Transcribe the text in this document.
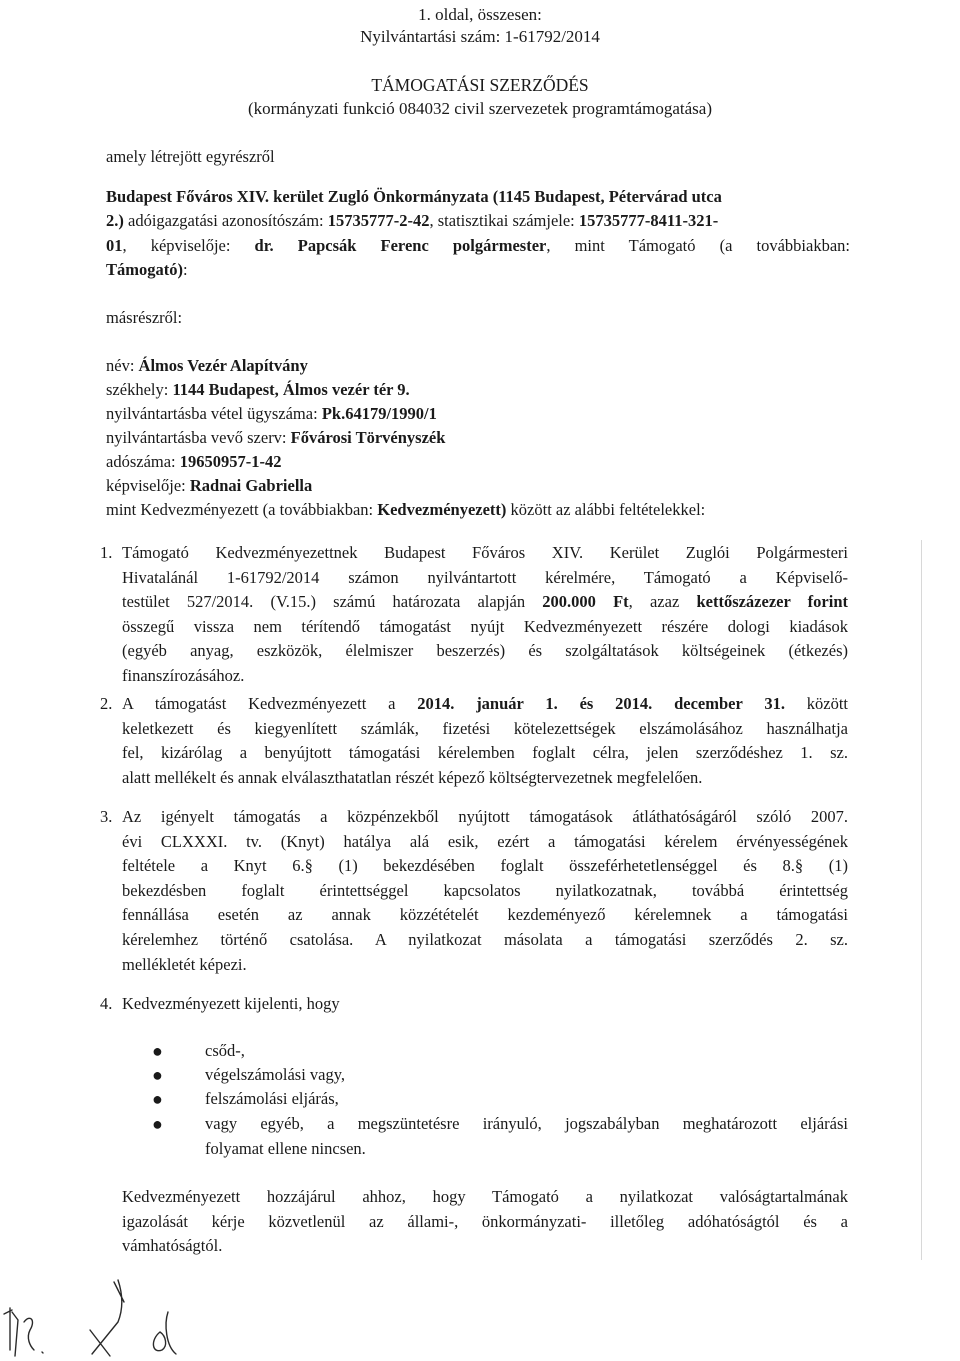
1. oldal, összesen:
Nyilvántartási szám: 1-61792/2014
TÁMOGATÁSI SZERZŐDÉS
(kormányzati funkció 084032 civil szervezetek programtámogatása)
amely létrejött egyrészről
Budapest Főváros XIV. kerület Zugló Önkormányzata (1145 Budapest, Pétervárad utca
2.) adóigazgatási azonosítószám: 15735777-2-42, statisztikai számjele: 15735777-8411-321-
01, képviselője: dr. Papcsák Ferenc polgármester, mint Támogató (a továbbiakban:
Támogató):
másrészről:
név: Álmos Vezér Alapítvány
székhely: 1144 Budapest, Álmos vezér tér 9.
nyilvántartásba vétel ügyszáma: Pk.64179/1990/1
nyilvántartásba vevő szerv: Fővárosi Törvényszék
adószáma: 19650957-1-42
képviselője: Radnai Gabriella
mint Kedvezményezett (a továbbiakban: Kedvezményezett) között az alábbi feltételekkel:
1. Támogató Kedvezményezettnek Budapest Főváros XIV. Kerület Zuglói Polgármesteri
Hivatalánál 1-61792/2014 számon nyilvántartott kérelmére, Támogató a Képviselő-
testület 527/2014. (V.15.) számú határozata alapján 200.000 Ft, azaz kettőszázezer forint
összegű vissza nem térítendő támogatást nyújt Kedvezményezett részére dologi kiadások
(egyéb anyag, eszközök, élelmiszer beszerzés) és szolgáltatások költségeinek (étkezés)
finanszírozásához.
2. A támogatást Kedvezményezett a 2014. január 1. és 2014. december 31. között
keletkezett és kiegyenlített számlák, fizetési kötelezettségek elszámolásához használhatja
fel, kizárólag a benyújtott támogatási kérelemben foglalt célra, jelen szerződéshez 1. sz.
alatt mellékelt és annak elválaszthatatlan részét képező költségtervezetnek megfelelően.
3. Az igényelt támogatás a közpénzekből nyújtott támogatások átláthatóságáról szóló 2007.
évi CLXXXI. tv. (Knyt) hatálya alá esik, ezért a támogatási kérelem érvényességének
feltétele a Knyt 6.§ (1) bekezdésében foglalt összeférhetetlenséggel és 8.§ (1)
bekezdésben foglalt érintettséggel kapcsolatos nyilatkozatnak, továbbá érintettség
fennállása esetén az annak közzétételét kezdeményező kérelemnek a támogatási
kérelemhez történő csatolása. A nyilatkozat másolata a támogatási szerződés 2. sz.
mellékletét képezi.
4. Kedvezményezett kijelenti, hogy
●	csőd-,
●	végelszámolási vagy,
●	felszámolási eljárás,
●	vagy egyéb, a megszüntetésre irányuló, jogszabályban meghatározott eljárási
folyamat ellene nincsen.
Kedvezményezett hozzájárul ahhoz, hogy Támogató a nyilatkozat valóságtartalmának
igazolását kérje közvetlenül az állami-, önkormányzati- illetőleg adóhatóságtól és a
vámhatóságtól.
